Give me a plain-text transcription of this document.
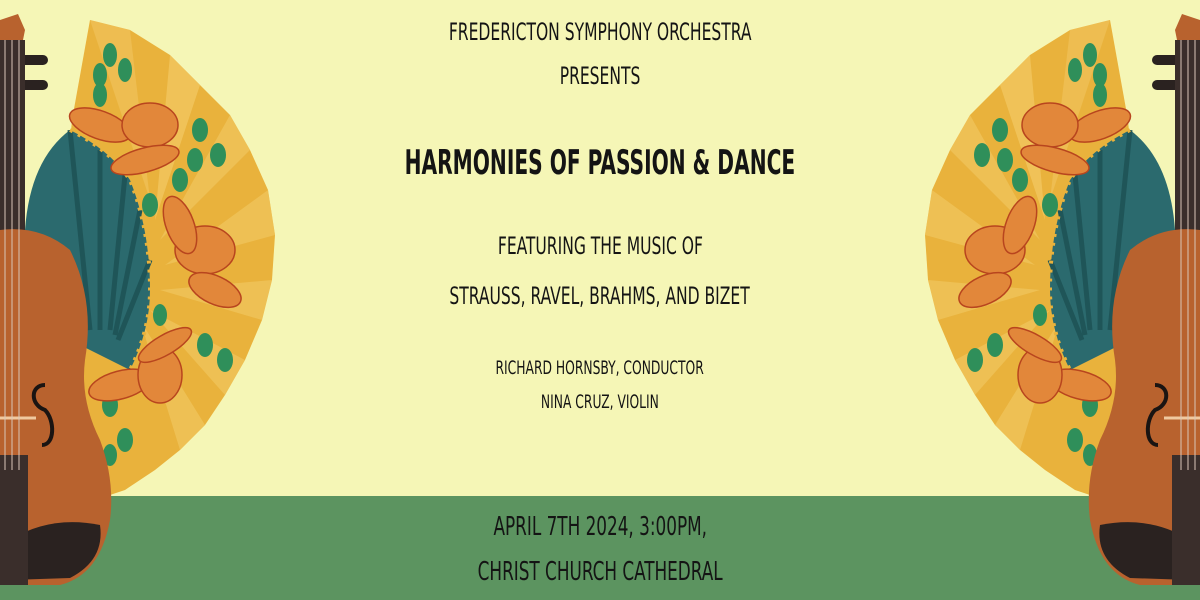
FREDERICTON SYMPHONY ORCHESTRA
PRESENTS
HARMONIES OF PASSION & DANCE
FEATURING THE MUSIC OF
STRAUSS, RAVEL, BRAHMS, AND BIZET
RICHARD HORNSBY, CONDUCTOR
NINA CRUZ, VIOLIN
APRIL 7TH 2024, 3:00PM,
CHRIST CHURCH CATHEDRAL
